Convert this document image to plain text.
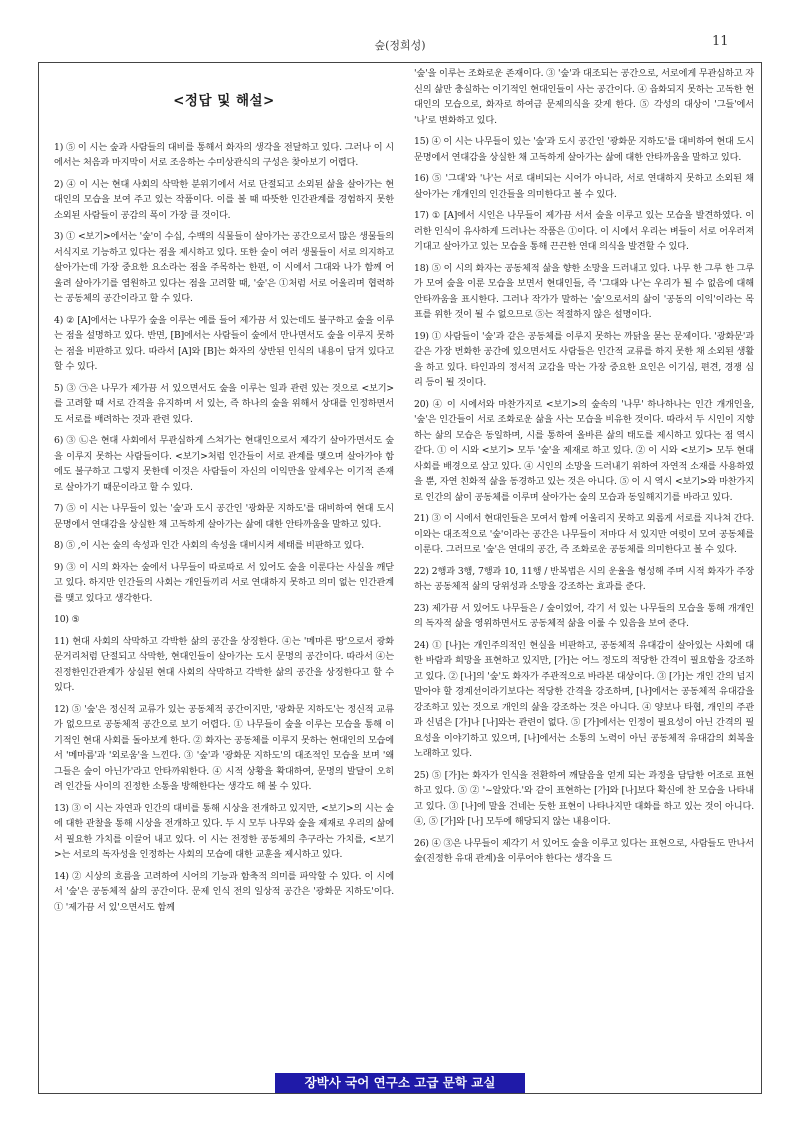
숲(정희성)	11
<정답 및 해설>

1) ⑤ 이 시는 숲과 사람들의 대비를 통해서 화자의 생각을 전달하고 있다. 그러나 이 시에서는 처음과 마지막이 서로 조응하는 수미상관식의 구성은 찾아보기 어렵다.

2) ④ 이 시는 현대 사회의 삭막한 분위기에서 서로 단절되고 소외된 삶을 살아가는 현대인의 모습을 보여 주고 있는 작품이다. 이를 볼 때 따뜻한 인간관계를 경험하지 못한 소외된 사람들이 공감의 폭이 가장 클 것이다.

3) ① <보기>에서는 '숲'이 수십, 수백의 식물들이 살아가는 공간으로서 많은 생물들의 서식지로 기능하고 있다는 점을 제시하고 있다. 또한 숲이 여러 생물들이 서로 의지하고 살아가는데 가장 중요한 요소라는 점을 주목하는 한편, 이 시에서 그대와 나가 함께 어울려 살아가기를 염원하고 있다는 점을 고려할 때, '숲'은 ①처럼 서로 어울리며 협력하는 공동체의 공간이라고 할 수 있다.

4) ② [A]에서는 나무가 숲을 이루는 예를 들어 제가끔 서 있는데도 불구하고 숲을 이루는 점을 설명하고 있다. 반면, [B]에서는 사람들이 숲에서 만나면서도 숲을 이루지 못하는 점을 비판하고 있다. 따라서 [A]와 [B]는 화자의 상반된 인식의 내용이 담겨 있다고 할 수 있다.

5) ③ ㉠은 나무가 제가끔 서 있으면서도 숲을 이루는 일과 관련 있는 것으로 <보기>를 고려할 때 서로 간격을 유지하며 서 있는, 즉 하나의 숲을 위해서 상대를 인정하면서도 서로를 배려하는 것과 관련 있다.

6) ③ ㉡은 현대 사회에서 무관심하게 스쳐가는 현대인으로서 제각기 살아가면서도 숲을 이루지 못하는 사람들이다. <보기>처럼 인간들이 서로 관계를 맺으며 살아가야 함에도 불구하고 그렇지 못한데 이것은 사람들이 자신의 이익만을 앞세우는 이기적 존재로 살아가기 때문이라고 할 수 있다.

7) ⑤ 이 시는 나무들이 있는 '숲'과 도시 공간인 '광화문 지하도'를 대비하여 현대 도시 문명에서 연대감을 상실한 채 고독하게 살아가는 삶에 대한 안타까움을 말하고 있다.

8) ⑤ ,이 시는 숲의 속성과 인간 사회의 속성을 대비시켜 세태를 비판하고 있다.

9) ③ 이 시의 화자는 숲에서 나무들이 따로따로 서 있어도 숲을 이룬다는 사실을 깨닫고 있다. 하지만 인간들의 사회는 개인들끼리 서로 연대하지 못하고 의미 없는 인간관계를 맺고 있다고 생각한다.

10) ⑤

11) 현대 사회의 삭막하고 각박한 삶의 공간을 상징한다. ④는 '메마른 땅'으로서 광화문거리처럼 단절되고 삭막한, 현대인들이 살아가는 도시 문명의 공간이다. 따라서 ④는 진정한인간관계가 상실된 현대 사회의 삭막하고 각박한 삶의 공간을 상징한다고 할 수 있다.

12) ⑤ '숲'은 정신적 교류가 있는 공동체적 공간이지만, '광화문 지하도'는 정신적 교류가 없으므로 공동체적 공간으로 보기 어렵다. ① 나무들이 숲을 이루는 모습을 통해 이기적인 현대 사회를 돌아보게 한다. ② 화자는 공동체를 이루지 못하는 현대인의 모습에서 '메마름'과 '외로움'을 느낀다. ③ '숲'과 '광화문 지하도'의 대조적인 모습을 보며 '왜 그들은 숲이 아닌가'라고 안타까워한다. ④ 시적 상황을 확대하여, 문명의 발달이 오히려 인간들 사이의 진정한 소통을 방해한다는 생각도 해 볼 수 있다.

13) ③ 이 시는 자연과 인간의 대비를 통해 시상을 전개하고 있지만, <보기>의 시는 숲에 대한 관찰을 통해 시상을 전개하고 있다. 두 시 모두 나무와 숲을 제재로 우리의 삶에서 필요한 가치를 이끌어 내고 있다. 이 시는 전정한 공동체의 추구라는 가치를, <보기>는 서로의 독자성을 인정하는 사회의 모습에 대한 교훈을 제시하고 있다.

14) ② 시상의 흐름을 고려하여 시어의 기능과 함축적 의미를 파악할 수 있다. 이 시에서 '숲'은 공동체적 삶의 공간이다. 문제 인식 전의 일상적 공간은 '광화문 지하도'이다. ① '제가끔 서 있'으면서도 함께

'숲'을 이루는 조화로운 존재이다. ③ '숲'과 대조되는 공간으로, 서로에게 무관심하고 자신의 삶만 충실하는 이기적인 현대인들이 사는 공간이다. ④ 읍화되지 못하는 고독한 현대인의 모습으로, 화자로 하여금 문제의식을 갖게 한다. ⑤ 각성의 대상이 '그들'에서 '나'로 변화하고 있다.

15) ④ 이 시는 나무들이 있는 '숲'과 도시 공간인 '광화문 지하도'를 대비하여 현대 도시 문명에서 연대감을 상실한 채 고독하게 살아가는 삶에 대한 안타까움을 말하고 있다.

16) ⑤ '그대'와 '나'는 서로 대비되는 시어가 아니라, 서로 연대하지 못하고 소외된 채 살아가는 개개인의 인간들을 의미한다고 볼 수 있다.

17) ① [A]에서 시인은 나무들이 제가끔 서서 숲을 이루고 있는 모습을 발견하였다. 이러한 인식이 유사하게 드러나는 작품은 ①이다. 이 시에서 우리는 벼들이 서로 어우러져 기대고 살아가고 있는 모습을 통해 끈끈한 연대 의식을 발견할 수 있다.

18) ⑤ 이 시의 화자는 공동체적 삶을 향한 소망을 드러내고 있다. 나무 한 그루 한 그루가 모여 숲을 이룬 모습을 보면서 현대인들, 즉 '그대와 나'는 우리가 될 수 없음에 대해 안타까움을 표시한다. 그러나 작가가 말하는 '숲'으로서의 삶이 '공동의 이익'이라는 목표를 위한 것이 될 수 없으므로 ⑤는 적절하지 않은 설명이다.

19) ① 사람들이 '숲'과 같은 공동체를 이루지 못하는 까닭을 묻는 문제이다. '광화문'과 같은 가장 번화한 공간에 있으면서도 사람들은 인간적 교류를 하지 못한 채 소외된 생활을 하고 있다. 타인과의 정서적 교감을 막는 가장 중요한 요인은 이기심, 편견, 경쟁 심리 등이 될 것이다.

20) ④ 이 시에서와 마찬가지로 <보기>의 숲속의 '나무' 하나하나는 인간 개개인을, '숲'은 인간들이 서로 조화로운 삶을 사는 모습을 비유한 것이다. 따라서 두 시인이 지향하는 삶의 모습은 동일하며, 시를 통하여 올바른 삶의 태도를 제시하고 있다는 점 역시 같다. ① 이 시와 <보기> 모두 '숲'을 제재로 하고 있다. ② 이 시와 <보기> 모두 현대 사회를 배경으로 삼고 있다. ④ 시인의 소망을 드러내기 위하여 자연적 소재를 사용하였을 뿐, 자연 친화적 삶을 동경하고 있는 것은 아니다. ⑤ 이 시 역시 <보기>와 마찬가지로 인간의 삶이 공동체를 이루며 살아가는 숲의 모습과 동일해지기를 바라고 있다.

21) ③ 이 시에서 현대인들은 모여서 함께 어울리지 못하고 외롭게 서로를 지나쳐 간다. 이와는 대조적으로 '숲'이라는 공간은 나무들이 저마다 서 있지만 여럿이 모여 공동체를 이룬다. 그러므로 '숲'은 연대의 공간, 즉 조화로운 공동체를 의미한다고 볼 수 있다.

22) 2행과 3행, 7행과 10, 11행 / 반복법은 시의 운율을 형성해 주며 시적 화자가 주장하는 공동체적 삶의 당위성과 소망을 강조하는 효과를 준다.

23) 제가끔 서 있어도 나무들은 / 숲이었어, 각기 서 있는 나무들의 모습을 통해 개개인의 독자적 삶을 영위하면서도 공동체적 삶을 이룰 수 있음을 보여 준다.

24) ① [나]는 개인주의적인 현실을 비판하고, 공동체적 유대감이 살아있는 사회에 대한 바람과 희망을 표현하고 있지만, [가]는 어느 정도의 적당한 간격이 필요함을 강조하고 있다. ② [나]의 '숲'도 화자가 주관적으로 바라본 대상이다. ③ [가]는 개인 간의 넘지 말아야 할 경계선이라기보다는 적당한 간격을 강조하며, [나]에서는 공동체적 유대감을 강조하고 있는 것으로 개인의 삶을 강조하는 것은 아니다. ④ 양보나 타협, 개인의 주관과 신념은 [가]나 [나]와는 관련이 없다. ⑤ [가]에서는 인정이 필요성이 아닌 간격의 필요성을 이야기하고 있으며, [나]에서는 소통의 노력이 아닌 공동체적 유대감의 회복을 노래하고 있다.

25) ⑤ [가]는 화자가 인식을 전환하여 깨달음을 얻게 되는 과정을 담담한 어조로 표현하고 있다. ⑤ ② '~알았다.'와 같이 표현하는 [가]와 [나]보다 확신에 찬 모습을 나타내고 있다. ③ [나]에 말을 건네는 듯한 표현이 나타나지만 대화를 하고 있는 것이 아니다. ④, ⑤ [가]와 [나] 모두에 해당되지 않는 내용이다.

26) ④ ③은 나무들이 제각기 서 있어도 숲을 이루고 있다는 표현으로, 사람들도 만나서 숲(진정한 유대 관계)을 이루어야 한다는 생각을 드

장박사 국어 연구소 고급 문학 교실
